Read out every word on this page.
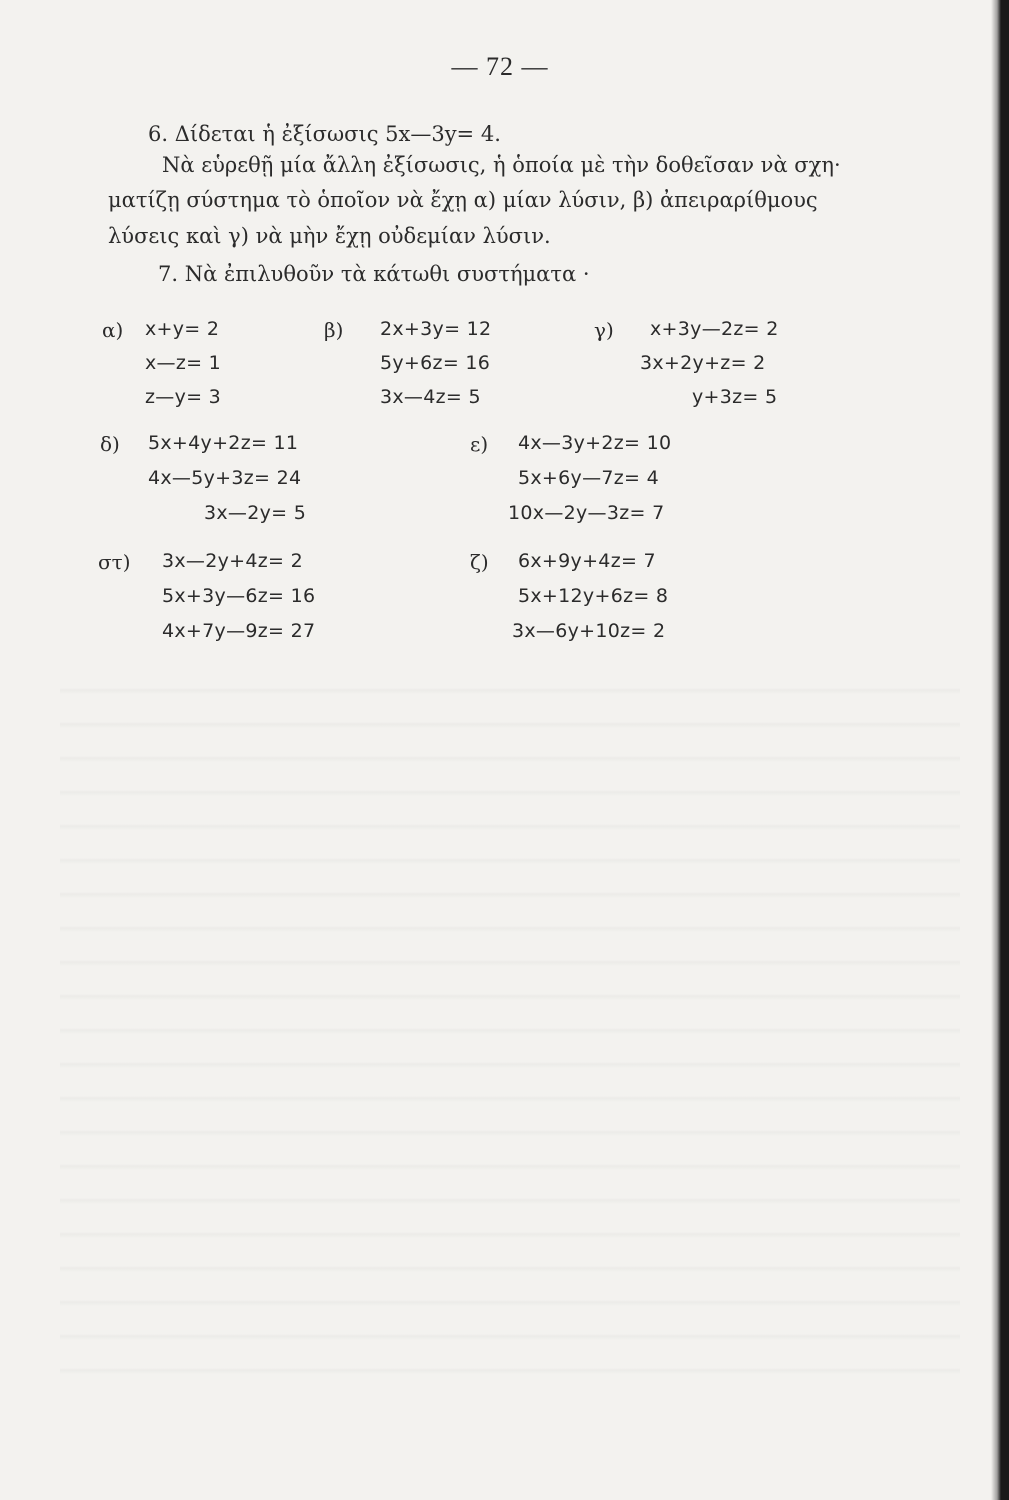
— 72 —
6. Δίδεται ἡ ἐξίσωσις 5x—3y= 4.
Νὰ εὑρεθῇ μία ἄλλη ἐξίσωσις, ἡ ὁποία μὲ τὴν δοθεῖσαν νὰ σχη·
ματίζῃ σύστημα τὸ ὁποῖον νὰ ἔχῃ α) μίαν λύσιν, β) ἀπειραρίθμους
λύσεις καὶ γ) νὰ μὴν ἔχῃ οὐδεμίαν λύσιν.
7. Νὰ ἐπιλυθοῦν τὰ κάτωθι συστήματα ·
α) x+y= 2
x—z= 1
z—y= 3
β) 2x+3y= 12
5y+6z= 16
3x—4z= 5
γ) x+3y—2z= 2
3x+2y+z= 2
y+3z= 5
δ) 5x+4y+2z= 11
4x—5y+3z= 24
3x—2y= 5
ε) 4x—3y+2z= 10
5x+6y—7z= 4
10x—2y—3z= 7
στ) 3x—2y+4z= 2
5x+3y—6z= 16
4x+7y—9z= 27
ζ) 6x+9y+4z= 7
5x+12y+6z= 8
3x—6y+10z= 2
